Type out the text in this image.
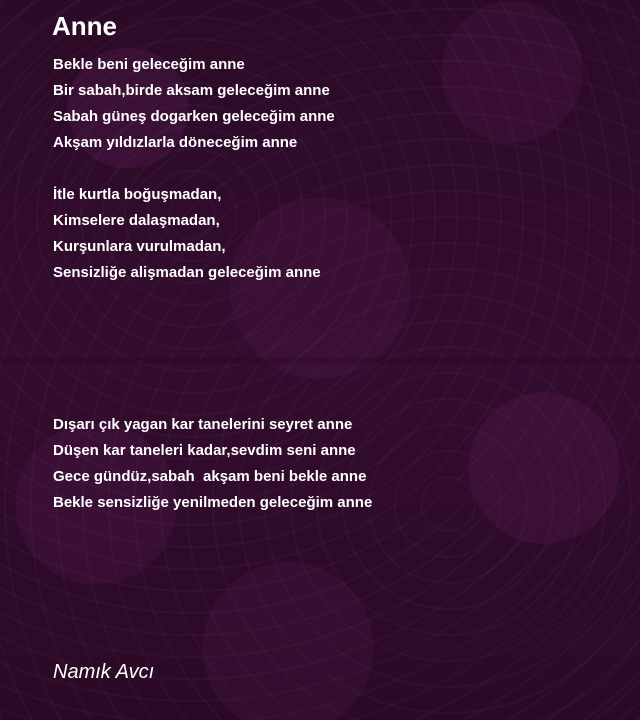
Anne
Bekle beni geleceğim anne
Bir sabah,birde aksam geleceğim anne
Sabah güneş dogarken geleceğim anne
Akşam yıldızlarla döneceğim anne
İtle kurtla boğuşmadan,
Kimselere dalaşmadan,
Kurşunlara vurulmadan,
Sensizliğe alişmadan geleceğim anne
Dışarı çık yagan kar tanelerini seyret anne
Düşen kar taneleri kadar,sevdim seni anne
Gece gündüz,sabah  akşam beni bekle anne
Bekle sensizliğe yenilmeden geleceğim anne
Namık Avcı
